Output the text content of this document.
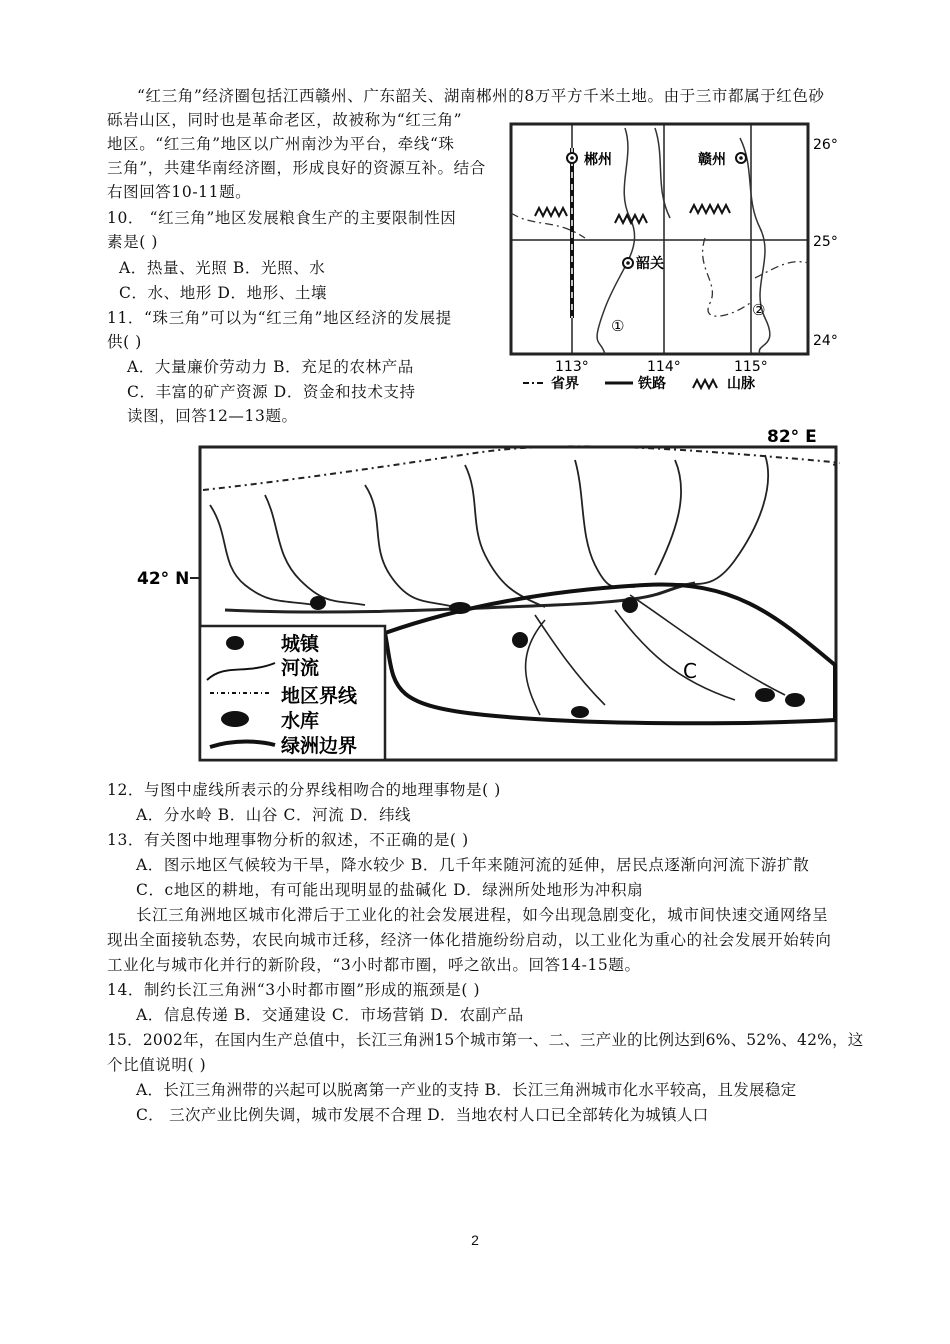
“红三角”经济圈包括江西赣州、广东韶关、湖南郴州的8万平方千米土地。由于三市都属于红色砂
砾岩山区，同时也是革命老区，故被称为“红三角”
地区。“红三角”地区以广州南沙为平台，牵线“珠
三角”，共建华南经济圈，形成良好的资源互补。结合
右图回答10-11题。
10． “红三角”地区发展粮食生产的主要限制性因
素是( )
A．热量、光照 B．光照、水
C．水、地形 D．地形、土壤
11．“珠三角”可以为“红三角”地区经济的发展提
供( )
A．大量廉价劳动力 B．充足的农林产品
C．丰富的矿产资源 D．资金和技术支持
读图，回答12—13题。
郴州	赣州
韶关
①
②
26°
25°
24°
113°	114°	115°
省界	铁路	山脉
82° E
42° N
C
城镇
河流
地区界线
水库
绿洲边界
12．与图中虚线所表示的分界线相吻合的地理事物是( )
A．分水岭 B．山谷 C．河流 D．纬线
13．有关图中地理事物分析的叙述，不正确的是( )
A．图示地区气候较为干旱，降水较少 B．几千年来随河流的延伸，居民点逐渐向河流下游扩散
C．c地区的耕地，有可能出现明显的盐碱化 D．绿洲所处地形为冲积扇
长江三角洲地区城市化滞后于工业化的社会发展进程，如今出现急剧变化，城市间快速交通网络呈
现出全面接轨态势，农民向城市迁移，经济一体化措施纷纷启动，以工业化为重心的社会发展开始转向
工业化与城市化并行的新阶段，“3小时都市圈，呼之欲出。回答14-15题。
14．制约长江三角洲“3小时都市圈”形成的瓶颈是( )
A．信息传递 B．交通建设 C．市场营销 D．农副产品
15．2002年，在国内生产总值中，长江三角洲15个城市第一、二、三产业的比例达到6%、52%、42%，这
个比值说明( )
A．长江三角洲带的兴起可以脱离第一产业的支持 B．长江三角洲城市化水平较高，且发展稳定
C． 三次产业比例失调，城市发展不合理 D．当地农村人口已全部转化为城镇人口
2
